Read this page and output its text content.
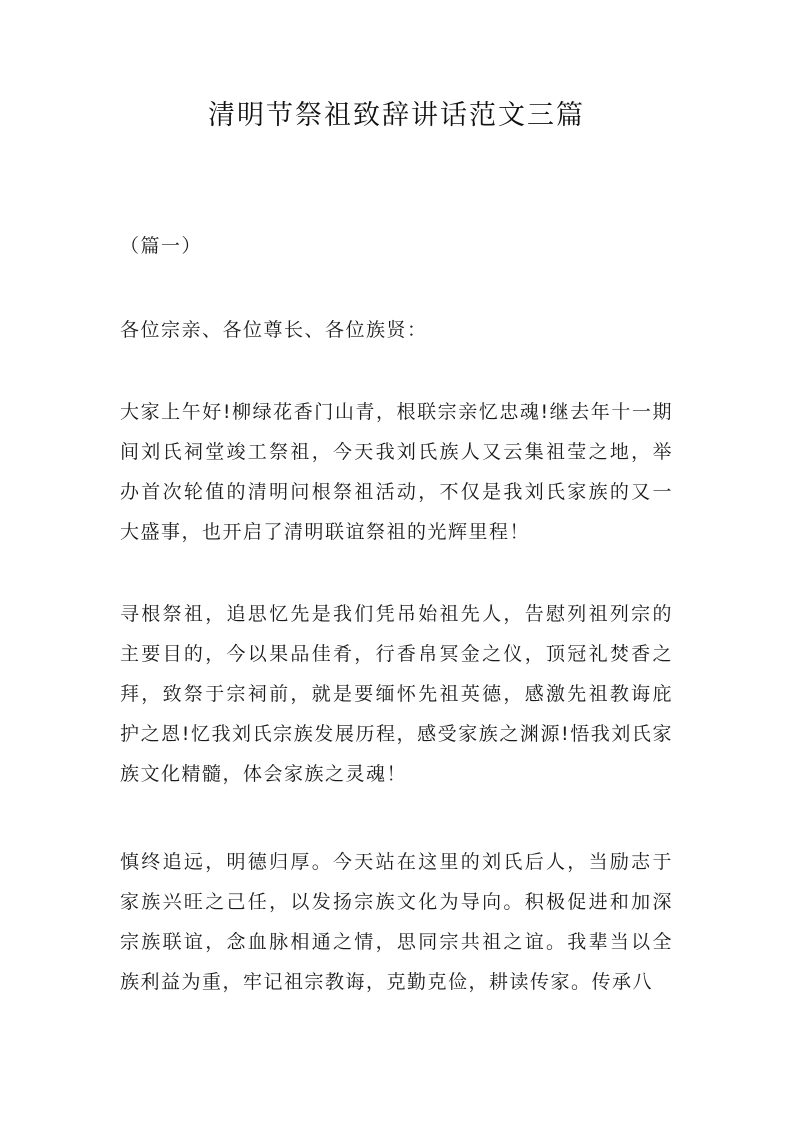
清明节祭祖致辞讲话范文三篇

（篇一）

各位宗亲、各位尊长、各位族贤：

大家上午好!柳绿花香门山青，根联宗亲忆忠魂!继去年十一期间刘氏祠堂竣工祭祖，今天我刘氏族人又云集祖莹之地，举办首次轮值的清明问根祭祖活动，不仅是我刘氏家族的又一大盛事，也开启了清明联谊祭祖的光辉里程！

寻根祭祖，追思忆先是我们凭吊始祖先人，告慰列祖列宗的主要目的，今以果品佳肴，行香帛冥金之仪，顶冠礼焚香之拜，致祭于宗祠前，就是要缅怀先祖英德，感激先祖教诲庇护之恩!忆我刘氏宗族发展历程，感受家族之渊源!悟我刘氏家族文化精髓，体会家族之灵魂！

慎终追远，明德归厚。今天站在这里的刘氏后人，当励志于家族兴旺之己任，以发扬宗族文化为导向。积极促进和加深宗族联谊，念血脉相通之情，思同宗共祖之谊。我辈当以全族利益为重，牢记祖宗教诲，克勤克俭，耕读传家。传承八
